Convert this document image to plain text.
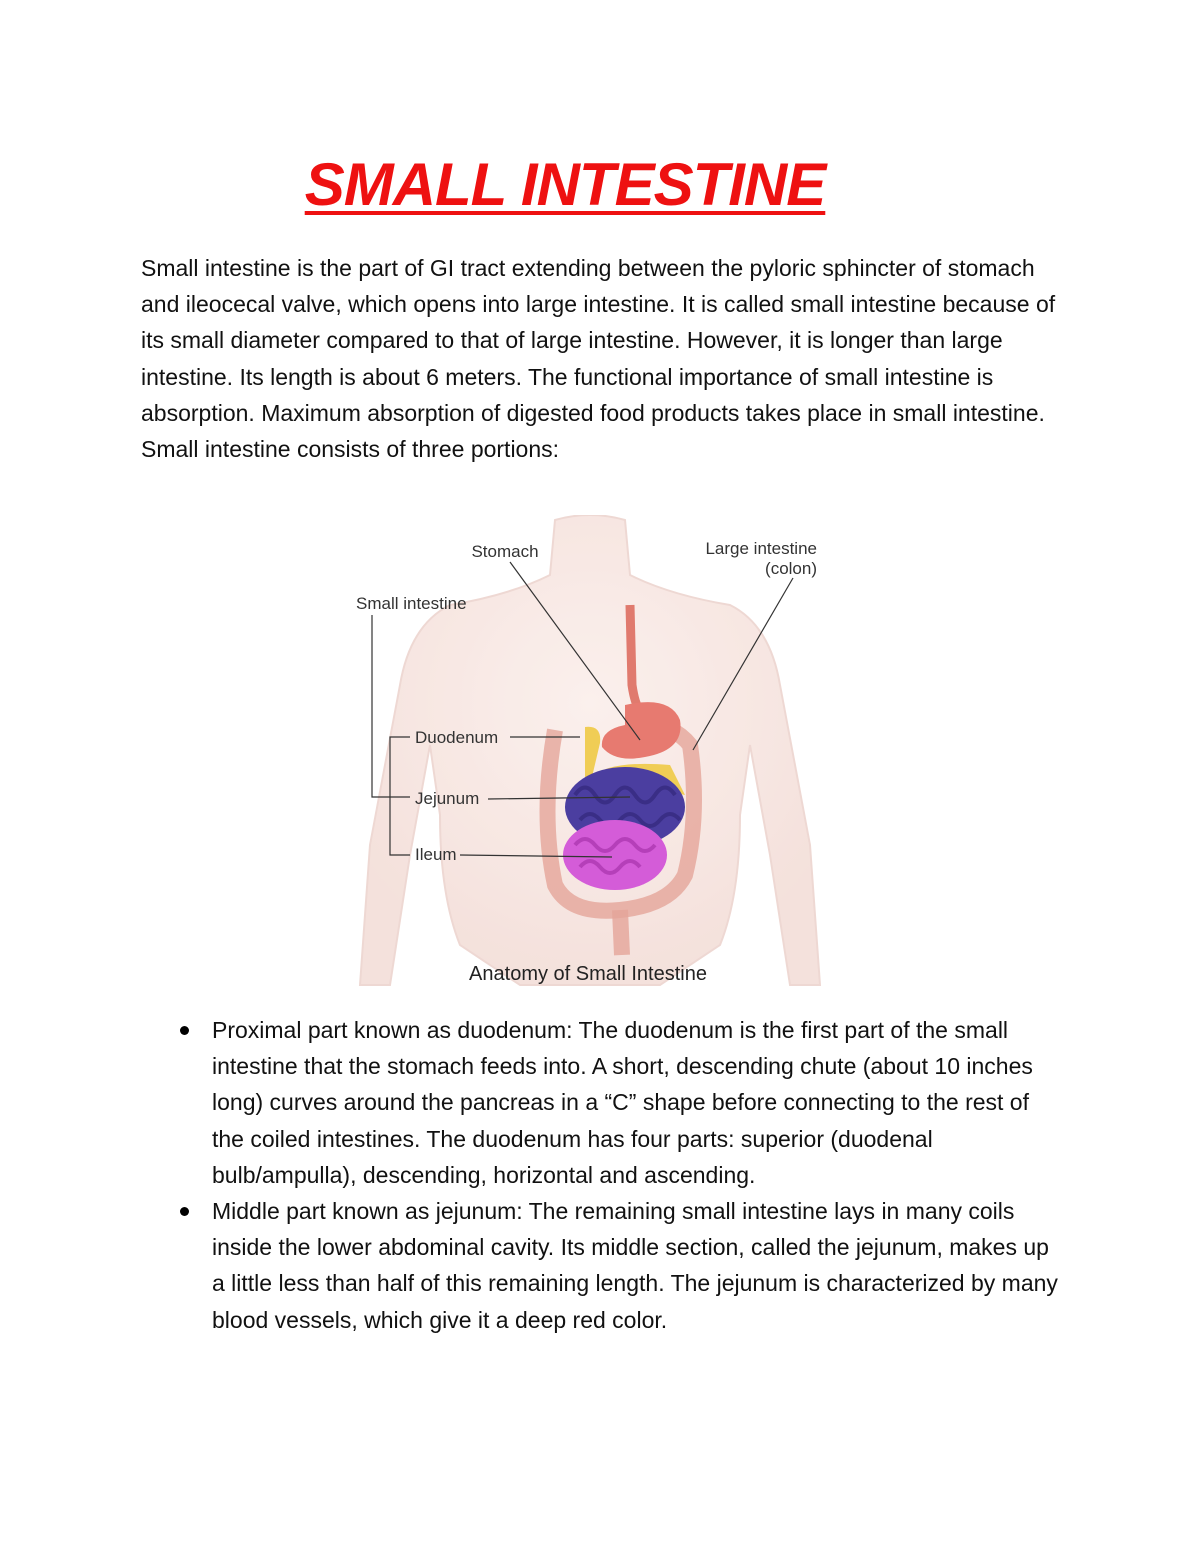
SMALL INTESTINE

Small intestine is the part of GI tract extending between the pyloric sphincter of stomach and ileocecal valve, which opens into large intestine. It is called small intestine because of its small diameter compared to that of large intestine. However, it is longer than large intestine. Its length is about 6 meters. The functional importance of small intestine is absorption. Maximum absorption of digested food products takes place in small intestine. Small intestine consists of three portions:

Stomach	Large intestine
(colon)
Small intestine
Duodenum
Jejunum
Ileum
Anatomy of Small Intestine
Proximal part known as duodenum: The duodenum is the first part of the small intestine that the stomach feeds into. A short, descending chute (about 10 inches long) curves around the pancreas in a “C” shape before connecting to the rest of the coiled intestines. The duodenum has four parts: superior (duodenal bulb/ampulla), descending, horizontal and ascending.
Middle part known as jejunum: The remaining small intestine lays in many coils inside the lower abdominal cavity. Its middle section, called the jejunum, makes up a little less than half of this remaining length. The jejunum is characterized by many blood vessels, which give it a deep red color.
